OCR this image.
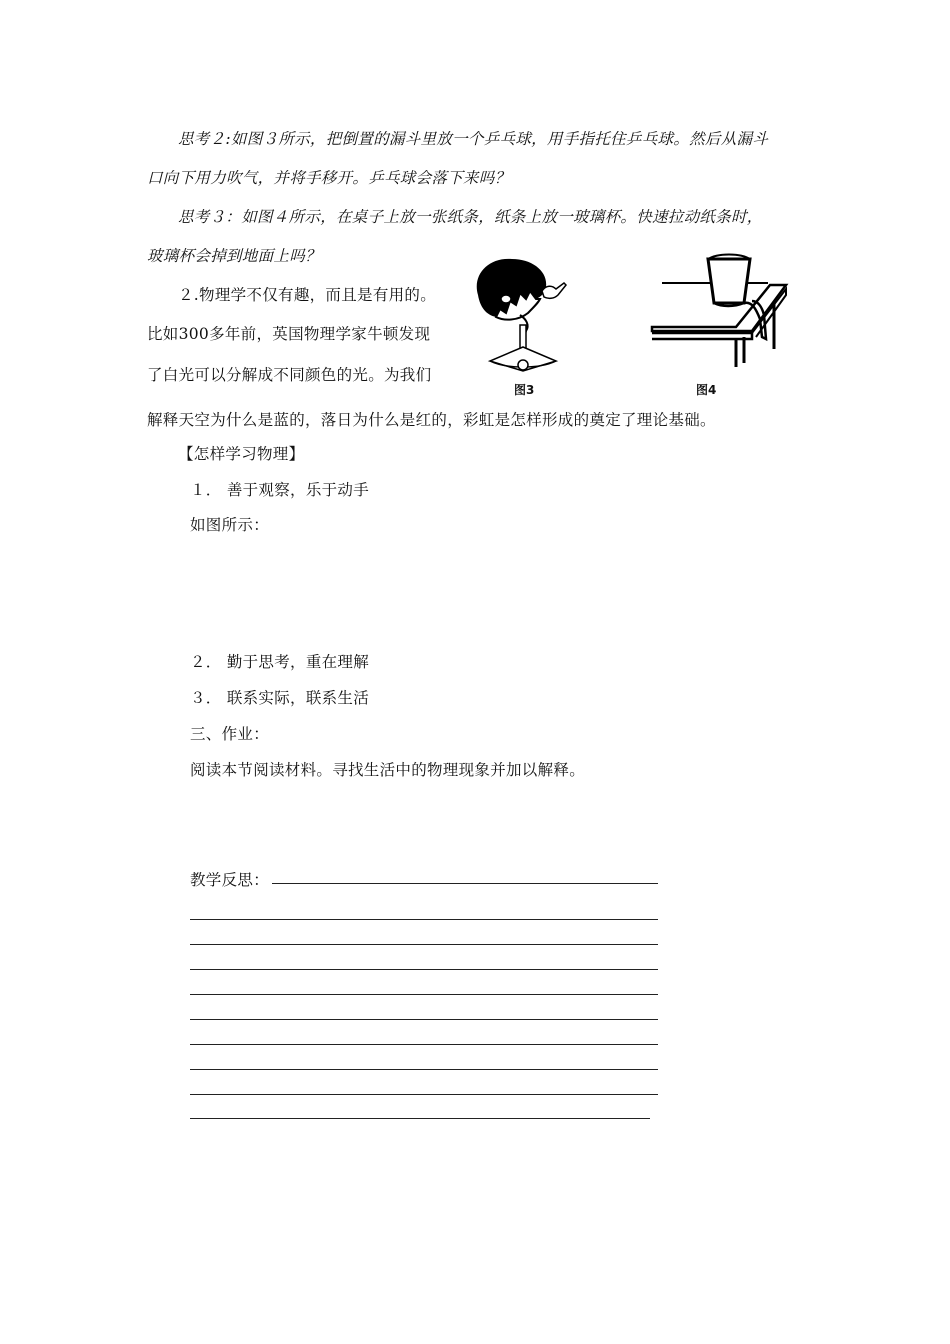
思考２:如图３所示，把倒置的漏斗里放一个乒乓球，用手指托住乒乓球。然后从漏斗
口向下用力吹气，并将手移开。乒乓球会落下来吗？
思考３：如图４所示，在桌子上放一张纸条，纸条上放一玻璃杯。快速拉动纸条时，
玻璃杯会掉到地面上吗？
２.物理学不仅有趣，而且是有用的。
比如300多年前，英国物理学家牛顿发现
了白光可以分解成不同颜色的光。为我们
解释天空为什么是蓝的，落日为什么是红的，彩虹是怎样形成的奠定了理论基础。
图3	图4
【怎样学习物理】
１． 善于观察，乐于动手
如图所示：
２． 勤于思考，重在理解
３． 联系实际，联系生活
三、作业：
阅读本节阅读材料。寻找生活中的物理现象并加以解释。
教学反思：
